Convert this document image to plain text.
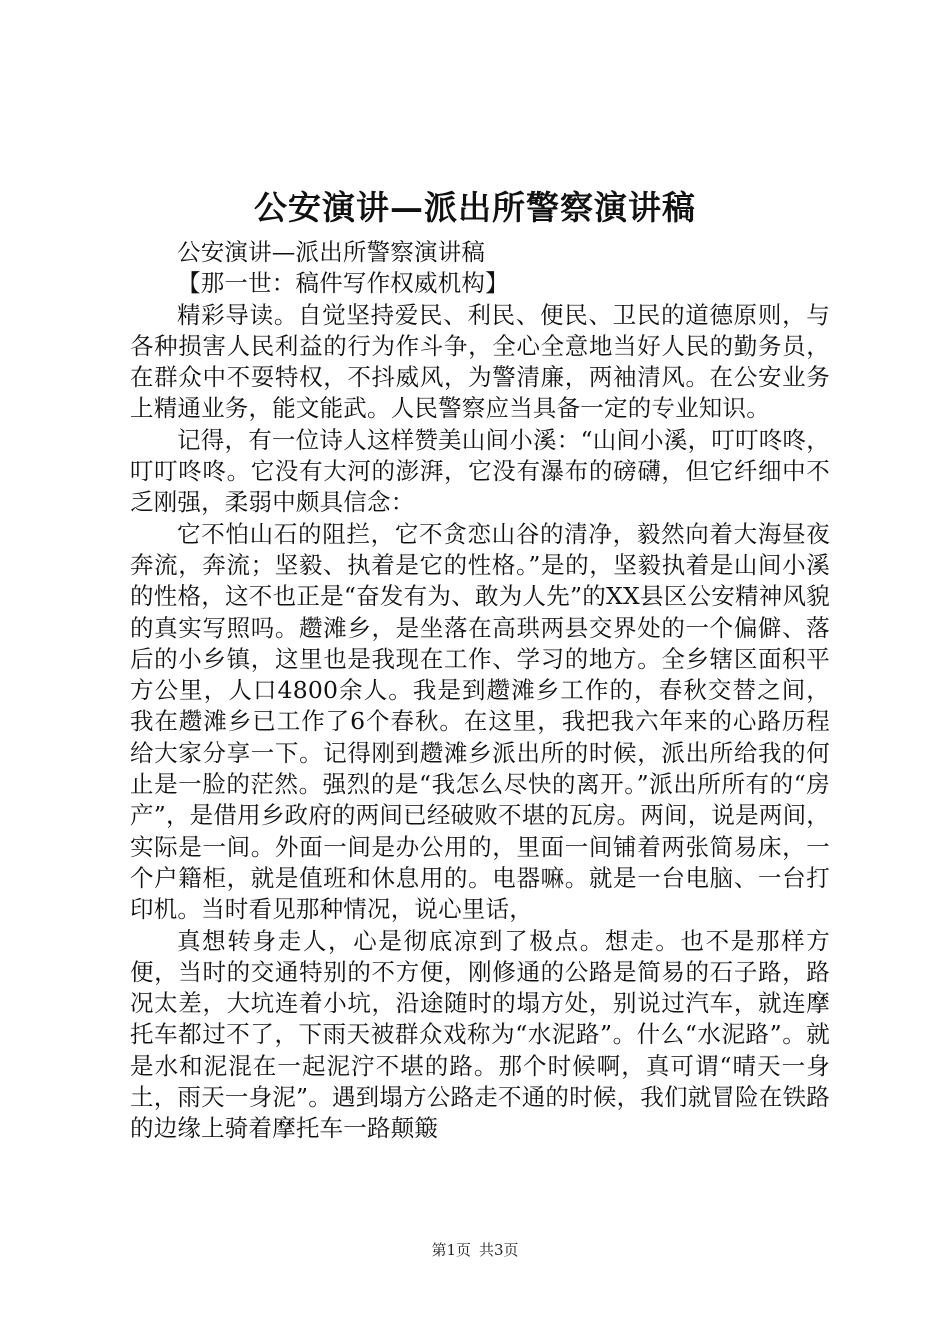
公安演讲—派出所警察演讲稿

公安演讲—派出所警察演讲稿

【那一世：稿件写作权威机构】

精彩导读。自觉坚持爱民、利民、便民、卫民的道德原则，与各种损害人民利益的行为作斗争，全心全意地当好人民的勤务员，在群众中不耍特权，不抖威风，为警清廉，两袖清风。在公安业务上精通业务，能文能武。人民警察应当具备一定的专业知识。

记得，有一位诗人这样赞美山间小溪：“山间小溪，叮叮咚咚，叮叮咚咚。它没有大河的澎湃，它没有瀑布的磅礴，但它纤细中不乏刚强，柔弱中颇具信念：

它不怕山石的阻拦，它不贪恋山谷的清净，毅然向着大海昼夜奔流，奔流；坚毅、执着是它的性格。”是的，坚毅执着是山间小溪的性格，这不也正是“奋发有为、敢为人先”的XX县区公安精神风貌的真实写照吗。趱滩乡，是坐落在高珙两县交界处的一个偏僻、落后的小乡镇，这里也是我现在工作、学习的地方。全乡辖区面积平方公里，人口4800余人。我是到趱滩乡工作的，春秋交替之间，我在趱滩乡已工作了6个春秋。在这里，我把我六年来的心路历程给大家分享一下。记得刚到趱滩乡派出所的时候，派出所给我的何止是一脸的茫然。强烈的是“我怎么尽快的离开。”派出所所有的“房产”，是借用乡政府的两间已经破败不堪的瓦房。两间，说是两间，实际是一间。外面一间是办公用的，里面一间铺着两张简易床，一个户籍柜，就是值班和休息用的。电器嘛。就是一台电脑、一台打印机。当时看见那种情况，说心里话，

真想转身走人，心是彻底凉到了极点。想走。也不是那样方便，当时的交通特别的不方便，刚修通的公路是简易的石子路，路况太差，大坑连着小坑，沿途随时的塌方处，别说过汽车，就连摩托车都过不了，下雨天被群众戏称为“水泥路”。什么“水泥路”。就是水和泥混在一起泥泞不堪的路。那个时候啊，真可谓“晴天一身土，雨天一身泥”。遇到塌方公路走不通的时候，我们就冒险在铁路的边缘上骑着摩托车一路颠簸

第1页 共3页
